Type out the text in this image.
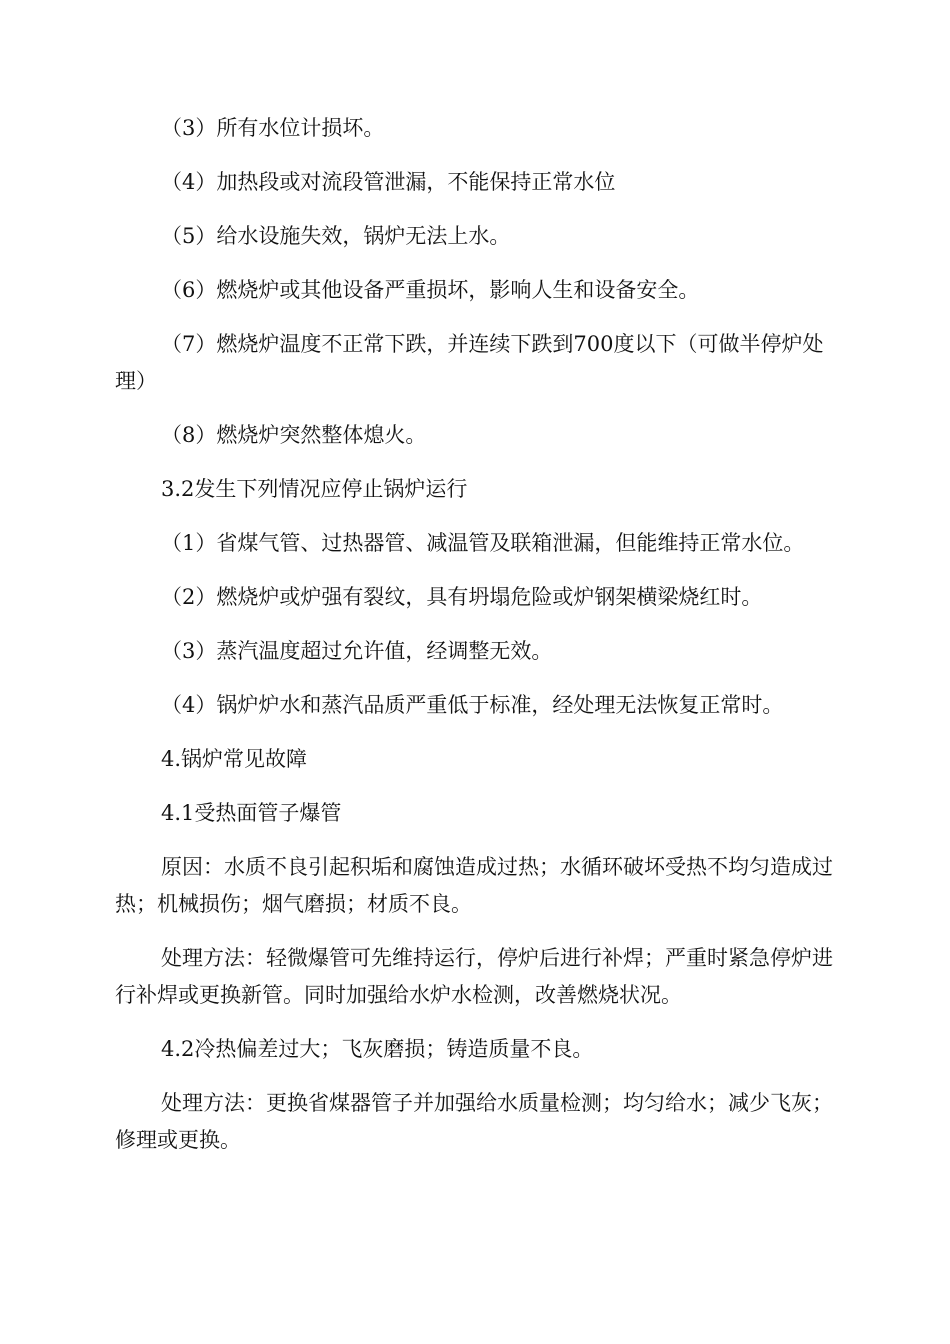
（3）所有水位计损坏。

（4）加热段或对流段管泄漏，不能保持正常水位

（5）给水设施失效，锅炉无法上水。

（6）燃烧炉或其他设备严重损坏，影响人生和设备安全。

（7）燃烧炉温度不正常下跌，并连续下跌到700度以下（可做半停炉处理）

（8）燃烧炉突然整体熄火。

3.2发生下列情况应停止锅炉运行

（1）省煤气管、过热器管、减温管及联箱泄漏，但能维持正常水位。

（2）燃烧炉或炉强有裂纹，具有坍塌危险或炉钢架横梁烧红时。

（3）蒸汽温度超过允许值，经调整无效。

（4）锅炉炉水和蒸汽品质严重低于标准，经处理无法恢复正常时。

4.锅炉常见故障

4.1受热面管子爆管

原因：水质不良引起积垢和腐蚀造成过热；水循环破坏受热不均匀造成过热；机械损伤；烟气磨损；材质不良。

处理方法：轻微爆管可先维持运行，停炉后进行补焊；严重时紧急停炉进行补焊或更换新管。同时加强给水炉水检测，改善燃烧状况。

4.2冷热偏差过大；飞灰磨损；铸造质量不良。

处理方法：更换省煤器管子并加强给水质量检测；均匀给水；减少飞灰；修理或更换。
